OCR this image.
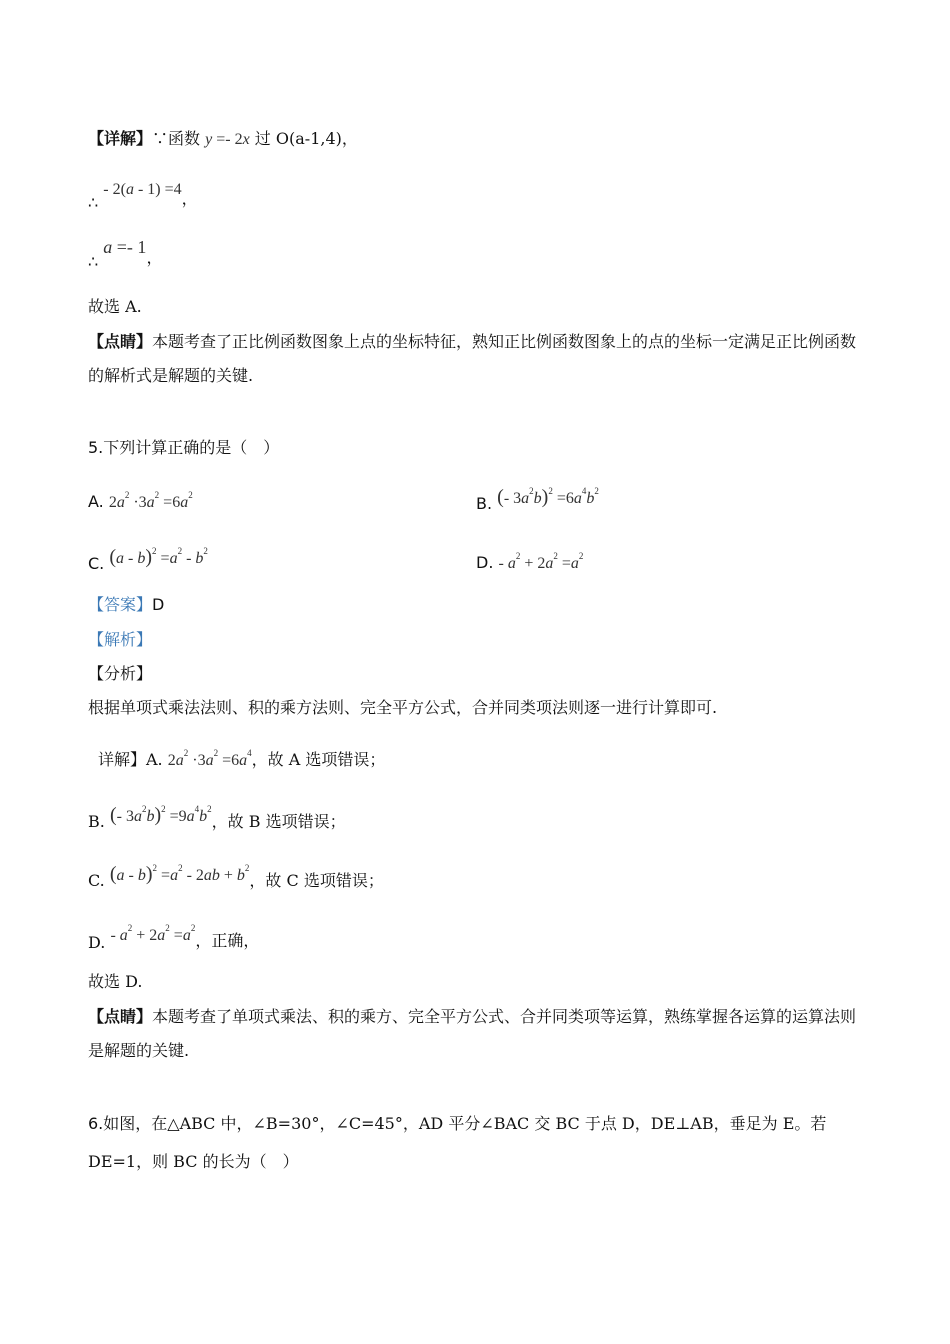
【详解】∵函数 y =- 2x 过 O(a-1,4)，
∴ - 2(a - 1) =4，
∴ a =- 1，
故选 A.
【点睛】本题考查了正比例函数图象上点的坐标特征，熟知正比例函数图象上的点的坐标一定满足正比例函数的解析式是解题的关键.
5.下列计算正确的是（　）
A. $2a^2 \cdot 3a^2 =6a^2$	B. (- $3a^2b)^2 =6a^4b^2$
C. $(a - b)^2 =a^2 - b^2$
D. - $a^2 + 2a^2 =a^2$
【答案】D
【解析】
【分析】
根据单项式乘法法则、积的乘方法则、完全平方公式，合并同类项法则逐一进行计算即可.
详解】A. $2a^2 \cdot 3a^2 =6a^4$，故 A 选项错误；
B. (- $3a^2b)^2 =9a^4b^2$，故 B 选项错误；
C. $(a - b)^2 =a^2 - 2ab + b^2$，故 C 选项错误；
D. - $a^2 + 2a^2 =a^2$，正确，
故选 D.
【点睛】本题考查了单项式乘法、积的乘方、完全平方公式、合并同类项等运算，熟练掌握各运算的运算法则是解题的关键.
6.如图，在△ABC 中，∠B=30°，∠C=45°，AD 平分∠BAC 交 BC 于点 D，DE⊥AB，垂足为 E。若
DE=1，则 BC 的长为（　）
